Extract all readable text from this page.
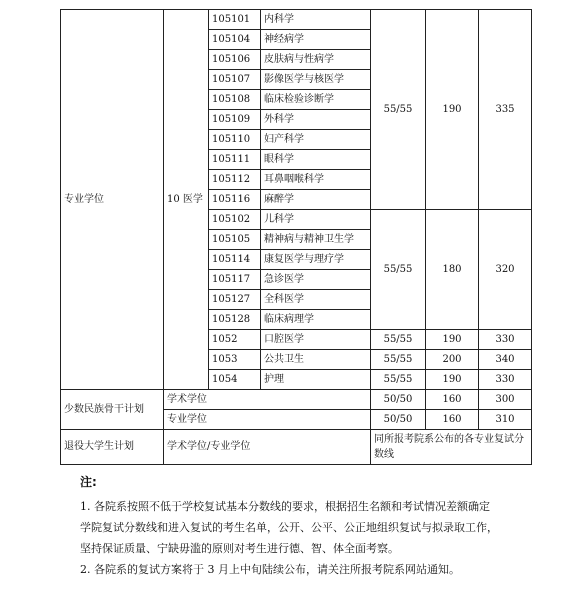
专业学位	10 医学	105101	内科学	55/55	190	335
		105104	神经病学			
		105106	皮肤病与性病学			
		105107	影像医学与核医学			
		105108	临床检验诊断学			
		105109	外科学			
		105110	妇产科学			
		105111	眼科学			
		105112	耳鼻咽喉科学			
		105116	麻醉学			
		105102	儿科学	55/55	180	320
		105105	精神病与精神卫生学			
		105114	康复医学与理疗学			
		105117	急诊医学			
		105127	全科医学			
		105128	临床病理学			
		1052	口腔医学	55/55	190	330
		1053	公共卫生	55/55	200	340
		1054	护理	55/55	190	330
少数民族骨干计划	学术学位			50/50	160	300
	专业学位			50/50	160	310
退役大学生计划	学术学位/专业学位			同所报考院系公布的各专业复试分数线		
注:

1. 各院系按照不低于学校复试基本分数线的要求，根据招生名额和考试情况差额确定学院复试分数线和进入复试的考生名单，公开、公平、公正地组织复试与拟录取工作，坚持保证质量、宁缺毋滥的原则对考生进行德、智、体全面考察。

2. 各院系的复试方案将于 3 月上中旬陆续公布，请关注所报考院系网站通知。
